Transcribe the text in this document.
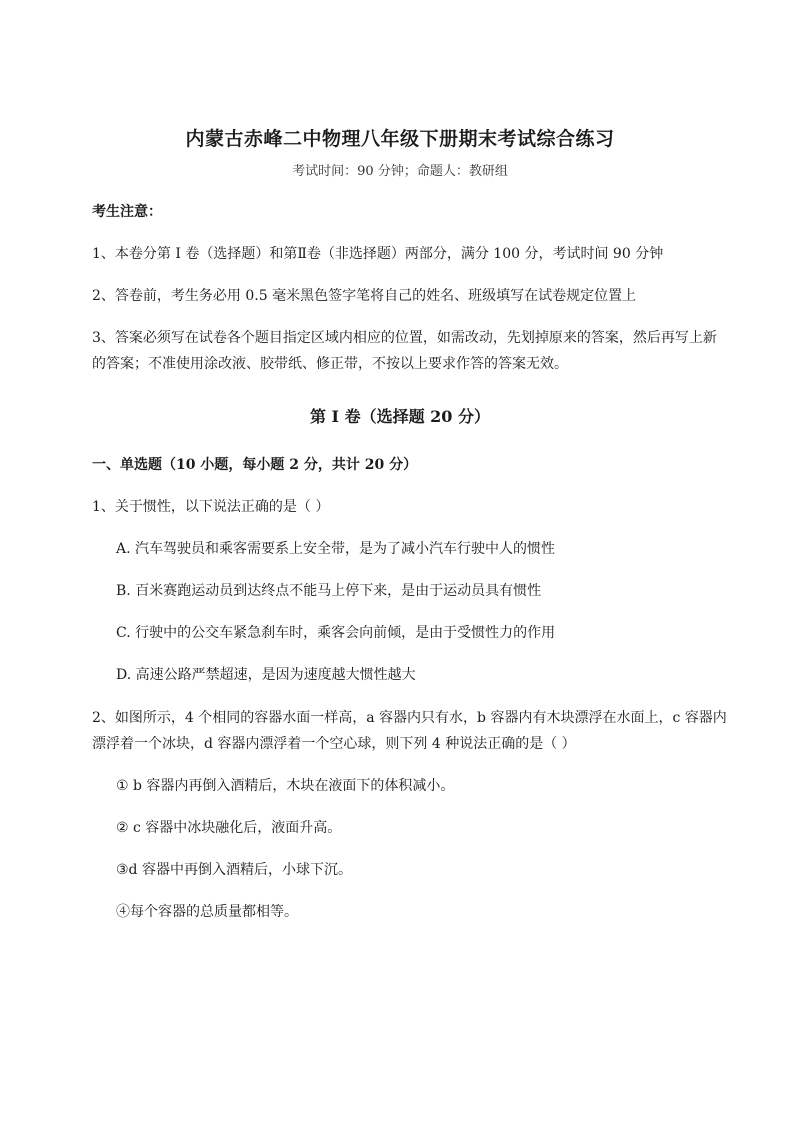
内蒙古赤峰二中物理八年级下册期末考试综合练习
考试时间：90 分钟；命题人：教研组
考生注意：
1、本卷分第 I 卷（选择题）和第Ⅱ卷（非选择题）两部分，满分 100 分，考试时间 90 分钟
2、答卷前，考生务必用 0.5 毫米黑色签字笔将自己的姓名、班级填写在试卷规定位置上
3、答案必须写在试卷各个题目指定区域内相应的位置，如需改动，先划掉原来的答案，然后再写上新
的答案；不准使用涂改液、胶带纸、修正带，不按以上要求作答的答案无效。
第 I 卷（选择题 20 分）
一、单选题（10 小题，每小题 2 分，共计 20 分）
1、关于惯性，以下说法正确的是（ ）
A. 汽车驾驶员和乘客需要系上安全带，是为了减小汽车行驶中人的惯性
B. 百米赛跑运动员到达终点不能马上停下来，是由于运动员具有惯性
C. 行驶中的公交车紧急刹车时，乘客会向前倾，是由于受惯性力的作用
D. 高速公路严禁超速，是因为速度越大惯性越大
2、如图所示，4 个相同的容器水面一样高，a 容器内只有水，b 容器内有木块漂浮在水面上，c 容器内
漂浮着一个冰块，d 容器内漂浮着一个空心球，则下列 4 种说法正确的是（ ）
① b 容器内再倒入酒精后，木块在液面下的体积减小。
② c 容器中冰块融化后，液面升高。
③d 容器中再倒入酒精后，小球下沉。
④每个容器的总质量都相等。
